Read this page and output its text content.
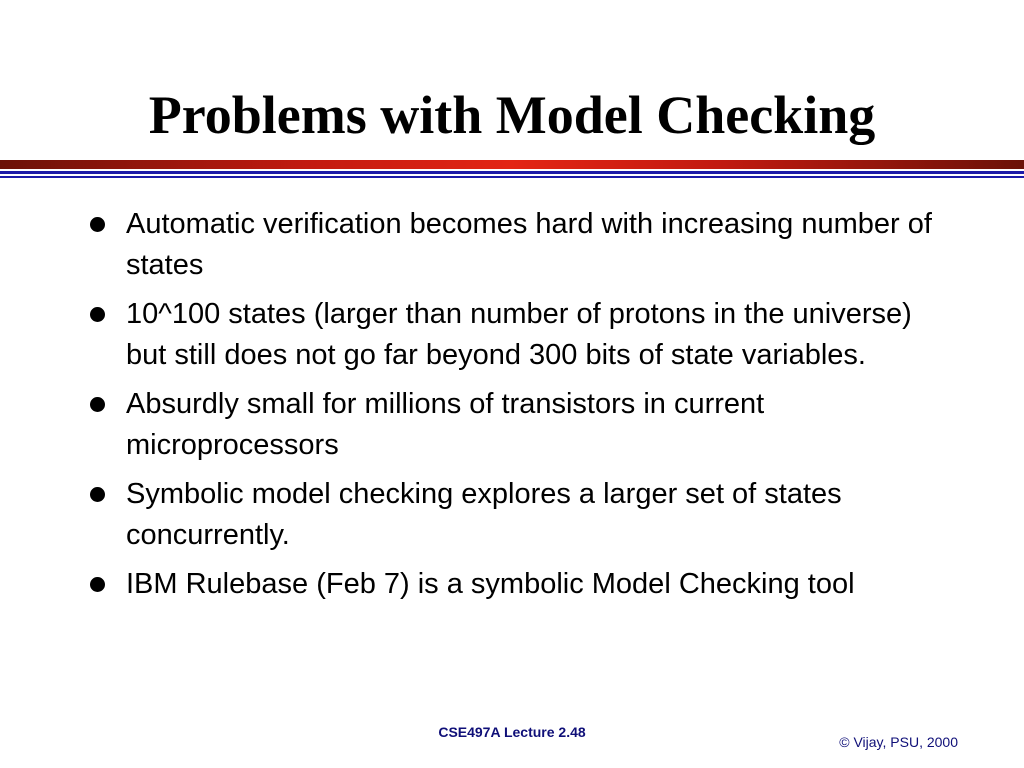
Problems with Model Checking
Automatic verification becomes hard with increasing number of states
10^100 states (larger than number of protons in the universe) but still does not go far beyond 300 bits of state variables.
Absurdly small for millions of transistors in current microprocessors
Symbolic model checking explores a larger set of states concurrently.
IBM Rulebase (Feb 7) is a symbolic Model Checking tool
CSE497A Lecture 2.48
© Vijay, PSU, 2000
